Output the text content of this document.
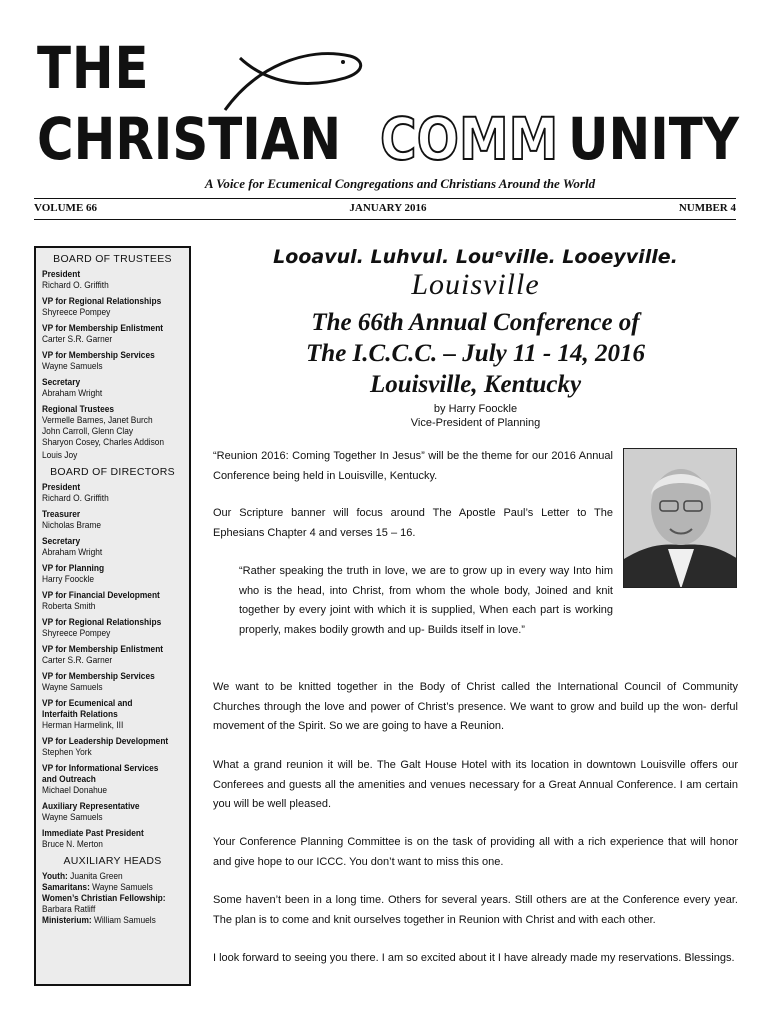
THE
CHRISTIAN COMM UNITY
A Voice for Ecumenical Congregations and Christians Around the World
VOLUME 66	JANUARY 2016	NUMBER 4
BOARD OF TRUSTEES
President
Richard O. Griffith
VP for Regional Relationships
Shyreece Pompey
VP for Membership Enlistment
Carter S.R. Garner
VP for Membership Services
Wayne Samuels
Secretary
Abraham Wright
Regional Trustees
Vermelle Barnes, Janet Burch
John Carroll, Glenn Clay
Sharyon Cosey, Charles Addison
Louis Joy
BOARD OF DIRECTORS
President
Richard O. Griffith
Treasurer
Nicholas Brame
Secretary
Abraham Wright
VP for Planning
Harry Foockle
VP for Financial Development
Roberta Smith
VP for Regional Relationships
Shyreece Pompey
VP for Membership Enlistment
Carter S.R. Garner
VP for Membership Services
Wayne Samuels
VP for Ecumenical and
Interfaith Relations
Herman Harmelink, III
VP for Leadership Development
Stephen York
VP for Informational Services
and Outreach
Michael Donahue
Auxiliary Representative
Wayne Samuels
Immediate Past President
Bruce N. Merton
AUXILIARY HEADS
Youth: Juanita Green
Samaritans: Wayne Samuels
Women’s Christian Fellowship:
Barbara Ratliff
Ministerium: William Samuels
Looavul. Luhvul. Louᵉville. Looeyville.
Louisville
The 66th Annual Conference of
The I.C.C.C. – July 11 - 14, 2016
Louisville, Kentucky
by Harry Foockle
Vice-President of Planning
“Reunion 2016: Coming Together In Jesus” will be the theme for our 2016 Annual Conference being held in Louisville, Kentucky.
Our Scripture banner will focus around The Apostle Paul’s Letter to The Ephesians Chapter 4 and verses 15 – 16.
“Rather speaking the truth in love, we are to grow up in every way Into him who is the head, into Christ, from whom the whole body, Joined and knit together by every joint with which it is supplied, When each part is working properly, makes bodily growth and up- Builds itself in love.”
We want to be knitted together in the Body of Christ called the International Council of Community Churches through the love and power of Christ’s presence. We want to grow and build up the won- derful movement of the Spirit. So we are going to have a Reunion.
What a grand reunion it will be. The Galt House Hotel with its location in downtown Louisville offers our Conferees and guests all the amenities and venues necessary for a Great Annual Conference. I am certain you will be well pleased.
Your Conference Planning Committee is on the task of providing all with a rich experience that will honor and give hope to our ICCC. You don’t want to miss this one.
Some haven’t been in a long time. Others for several years. Still others are at the Conference every year. The plan is to come and knit ourselves together in Reunion with Christ and with each other.
I look forward to seeing you there. I am so excited about it I have already made my reservations. Blessings.
